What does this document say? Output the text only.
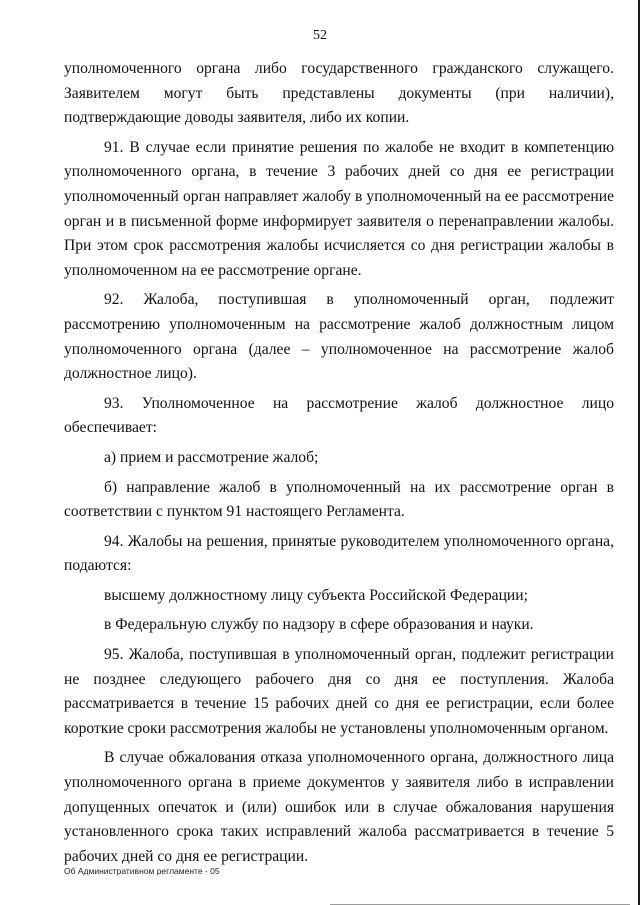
52

уполномоченного органа либо государственного гражданского служащего. Заявителем могут быть представлены документы (при наличии), подтверждающие доводы заявителя, либо их копии.

91. В случае если принятие решения по жалобе не входит в компетенцию уполномоченного органа, в течение 3 рабочих дней со дня ее регистрации уполномоченный орган направляет жалобу в уполномоченный на ее рассмотрение орган и в письменной форме информирует заявителя о перенаправлении жалобы. При этом срок рассмотрения жалобы исчисляется со дня регистрации жалобы в уполномоченном на ее рассмотрение органе.

92. Жалоба, поступившая в уполномоченный орган, подлежит рассмотрению уполномоченным на рассмотрение жалоб должностным лицом уполномоченного органа (далее – уполномоченное на рассмотрение жалоб должностное лицо).

93. Уполномоченное на рассмотрение жалоб должностное лицо обеспечивает:

а) прием и рассмотрение жалоб;

б) направление жалоб в уполномоченный на их рассмотрение орган в соответствии с пунктом 91 настоящего Регламента.

94. Жалобы на решения, принятые руководителем уполномоченного органа, подаются:

высшему должностному лицу субъекта Российской Федерации;

в Федеральную службу по надзору в сфере образования и науки.

95. Жалоба, поступившая в уполномоченный орган, подлежит регистрации не позднее следующего рабочего дня со дня ее поступления. Жалоба рассматривается в течение 15 рабочих дней со дня ее регистрации, если более короткие сроки рассмотрения жалобы не установлены уполномоченным органом.

В случае обжалования отказа уполномоченного органа, должностного лица уполномоченного органа в приеме документов у заявителя либо в исправлении допущенных опечаток и (или) ошибок или в случае обжалования нарушения установленного срока таких исправлений жалоба рассматривается в течение 5 рабочих дней со дня ее регистрации.

Об Административном регламенте - 05
